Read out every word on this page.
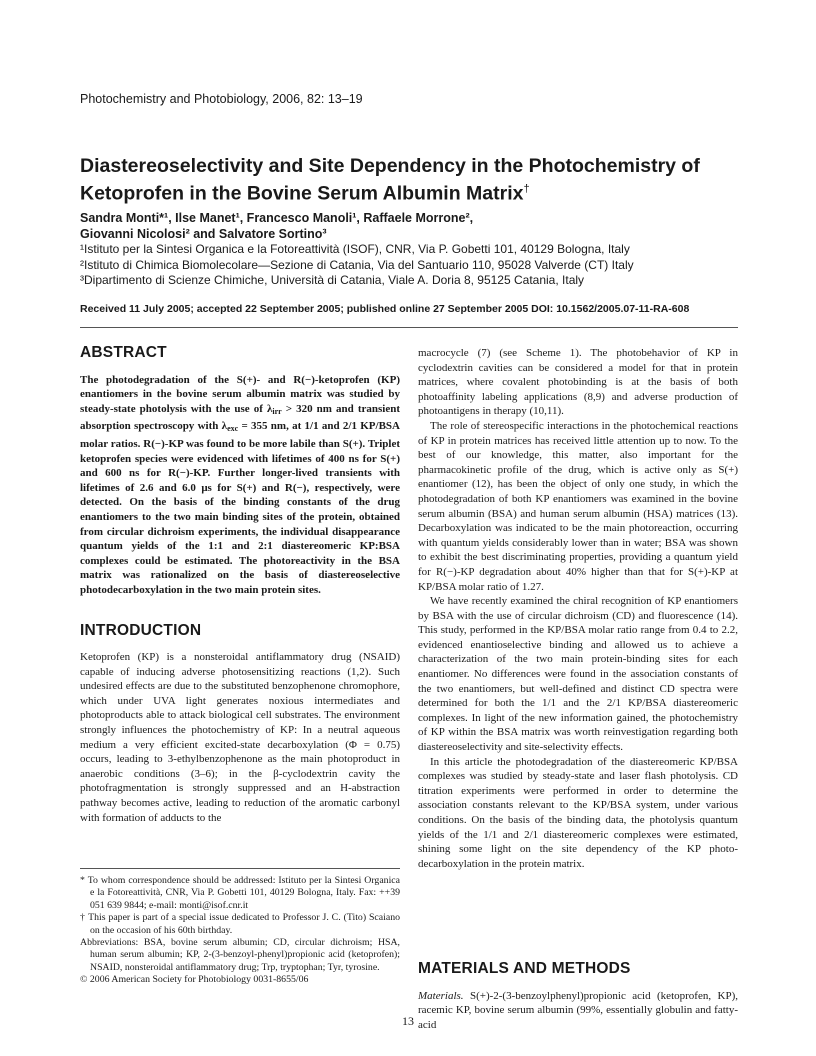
Photochemistry and Photobiology, 2006, 82: 13–19
Diastereoselectivity and Site Dependency in the Photochemistry of
Ketoprofen in the Bovine Serum Albumin Matrix†
Sandra Monti*¹, Ilse Manet¹, Francesco Manoli¹, Raffaele Morrone²,
Giovanni Nicolosi² and Salvatore Sortino³
¹Istituto per la Sintesi Organica e la Fotoreattività (ISOF), CNR, Via P. Gobetti 101, 40129 Bologna, Italy
²Istituto di Chimica Biomolecolare—Sezione di Catania, Via del Santuario 110, 95028 Valverde (CT) Italy
³Dipartimento di Scienze Chimiche, Università di Catania, Viale A. Doria 8, 95125 Catania, Italy
Received 11 July 2005; accepted 22 September 2005; published online 27 September 2005 DOI: 10.1562/2005.07-11-RA-608
ABSTRACT

The photodegradation of the S(+)- and R(−)-ketoprofen (KP) enantiomers in the bovine serum albumin matrix was studied by steady-state photolysis with the use of $\lambda_{irr} > 320$ nm and transient absorption spectroscopy with $\lambda_{exc} = 355$ nm, at 1/1 and 2/1 KP/BSA molar ratios. R(−)-KP was found to be more labile than S(+). Triplet ketoprofen species were evidenced with lifetimes of 400 ns for S(+) and 600 ns for R(−)-KP. Further longer-lived transients with lifetimes of 2.6 and 6.0 μs for S(+) and R(−), respectively, were detected. On the basis of the binding constants of the drug enantiomers to the two main binding sites of the protein, obtained from circular dichroism experiments, the individual disappearance quantum yields of the 1:1 and 2:1 diastereomeric KP:BSA complexes could be estimated. The photoreactivity in the BSA matrix was rationalized on the basis of diastereoselective photodecarboxylation in the two main protein sites.

INTRODUCTION

Ketoprofen (KP) is a nonsteroidal antiflammatory drug (NSAID) capable of inducing adverse photosensitizing reactions (1,2). Such undesired effects are due to the substituted benzophenone chromophore, which under UVA light generates noxious intermediates and photoproducts able to attack biological cell substrates. The environment strongly influences the photochemistry of KP: In a neutral aqueous medium a very efficient excited-state decarboxylation (Φ = 0.75) occurs, leading to 3-ethylbenzophenone as the main photoproduct in anaerobic conditions (3–6); in the β-cyclodextrin cavity the photofragmentation is strongly suppressed and an H-abstraction pathway becomes active, leading to reduction of the aromatic carbonyl with formation of adducts to the

* To whom correspondence should be addressed: Istituto per la Sintesi Organica e la Fotoreattività, CNR, Via P. Gobetti 101, 40129 Bologna, Italy. Fax: ++39 051 639 9844; e-mail: monti@isof.cnr.it

† This paper is part of a special issue dedicated to Professor J. C. (Tito) Scaiano on the occasion of his 60th birthday.

Abbreviations: BSA, bovine serum albumin; CD, circular dichroism; HSA, human serum albumin; KP, 2-(3-benzoyl-phenyl)propionic acid (ketoprofen); NSAID, nonsteroidal antiflammatory drug; Trp, tryptophan; Tyr, tyrosine.

© 2006 American Society for Photobiology 0031-8655/06

macrocycle (7) (see Scheme 1). The photobehavior of KP in cyclodextrin cavities can be considered a model for that in protein matrices, where covalent photobinding is at the basis of both photoaffinity labeling applications (8,9) and adverse production of photoantigens in therapy (10,11).

The role of stereospecific interactions in the photochemical reactions of KP in protein matrices has received little attention up to now. To the best of our knowledge, this matter, also important for the pharmacokinetic profile of the drug, which is active only as S(+) enantiomer (12), has been the object of only one study, in which the photodegradation of both KP enantiomers was examined in the bovine serum albumin (BSA) and human serum albumin (HSA) matrices (13). Decarboxylation was indicated to be the main photoreaction, occurring with quantum yields considerably lower than in water; BSA was shown to exhibit the best discriminating properties, providing a quantum yield for R(−)-KP degradation about 40% higher than that for S(+)-KP at KP/BSA molar ratio of 1.27.

We have recently examined the chiral recognition of KP enantiomers by BSA with the use of circular dichroism (CD) and fluorescence (14). This study, performed in the KP/BSA molar ratio range from 0.4 to 2.2, evidenced enantioselective binding and allowed us to achieve a characterization of the two main protein-binding sites for each enantiomer. No differences were found in the association constants of the two enantiomers, but well-defined and distinct CD spectra were determined for both the 1/1 and the 2/1 KP/BSA diastereomeric complexes. In light of the new information gained, the photochemistry of KP within the BSA matrix was worth reinvestigation regarding both diastereoselectivity and site-selectivity effects.

In this article the photodegradation of the diastereomeric KP/BSA complexes was studied by steady-state and laser flash photolysis. CD titration experiments were performed in order to determine the association constants relevant to the KP/BSA system, under various conditions. On the basis of the binding data, the photolysis quantum yields of the 1/1 and 2/1 diastereomeric complexes were estimated, shining some light on the site dependency of the KP photo-decarboxylation in the protein matrix.

MATERIALS AND METHODS

Materials. S(+)-2-(3-benzoylphenyl)propionic acid (ketoprofen, KP), racemic KP, bovine serum albumin (99%, essentially globulin and fatty-acid

13
